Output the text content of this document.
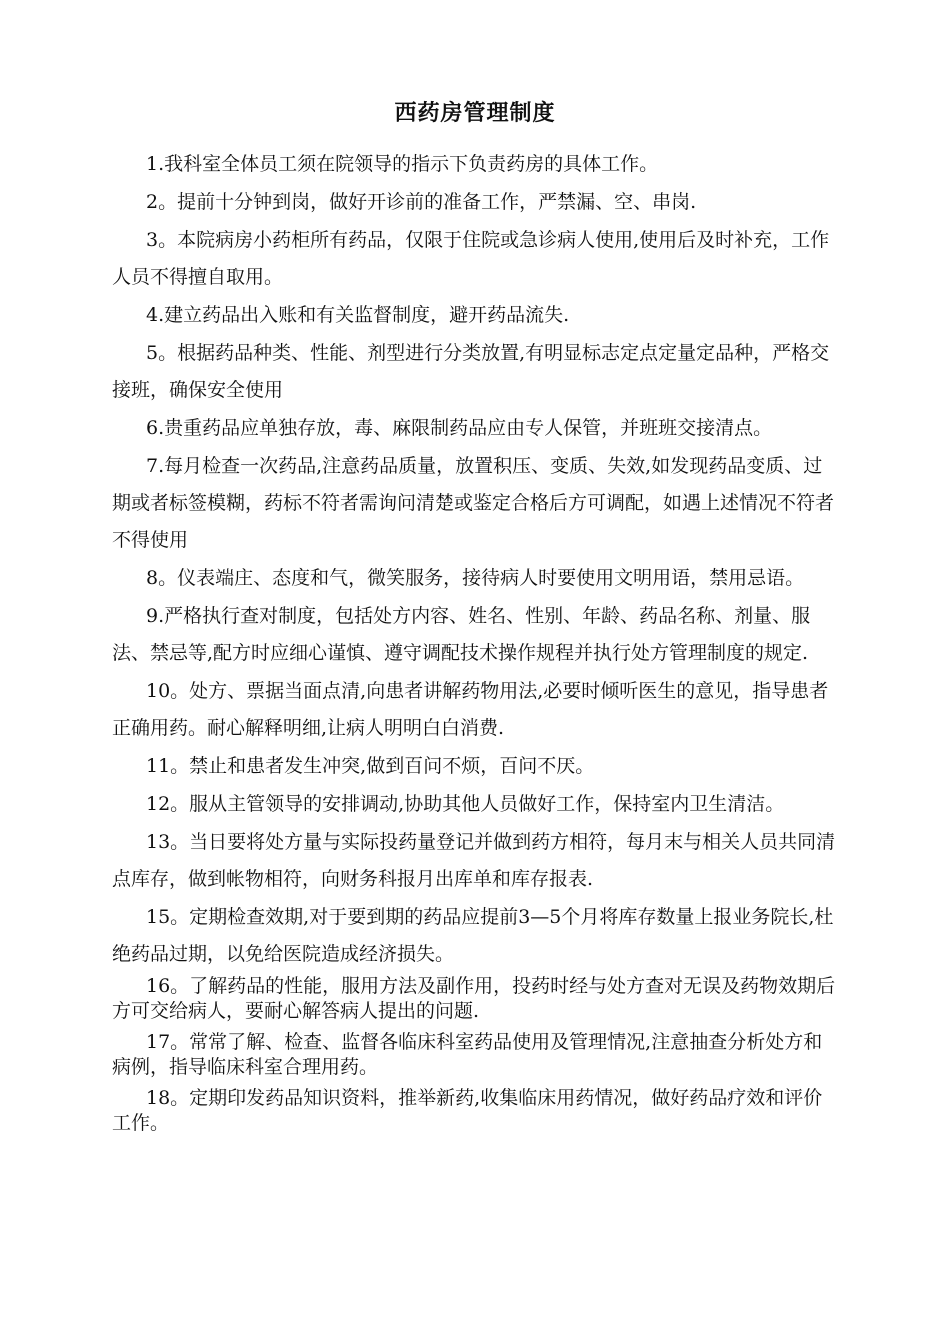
西药房管理制度

1.我科室全体员工须在院领导的指示下负责药房的具体工作。

2。提前十分钟到岗，做好开诊前的准备工作，严禁漏、空、串岗.

3。本院病房小药柜所有药品，仅限于住院或急诊病人使用,使用后及时补充，工作人员不得擅自取用。

4.建立药品出入账和有关监督制度，避开药品流失.

5。根据药品种类、性能、剂型进行分类放置,有明显标志定点定量定品种，严格交接班，确保安全使用

6.贵重药品应单独存放，毒、麻限制药品应由专人保管，并班班交接清点。

7.每月检查一次药品,注意药品质量，放置积压、变质、失效,如发现药品变质、过期或者标签模糊，药标不符者需询问清楚或鉴定合格后方可调配，如遇上述情况不符者不得使用

8。仪表端庄、态度和气，微笑服务，接待病人时要使用文明用语，禁用忌语。

9.严格执行查对制度，包括处方内容、姓名、性别、年龄、药品名称、剂量、服法、禁忌等,配方时应细心谨慎、遵守调配技术操作规程并执行处方管理制度的规定.

10。处方、票据当面点清,向患者讲解药物用法,必要时倾听医生的意见，指导患者正确用药。耐心解释明细,让病人明明白白消费.

11。禁止和患者发生冲突,做到百问不烦，百问不厌。

12。服从主管领导的安排调动,协助其他人员做好工作，保持室内卫生清洁。

13。当日要将处方量与实际投药量登记并做到药方相符，每月末与相关人员共同清点库存，做到帐物相符，向财务科报月出库单和库存报表.

15。定期检查效期,对于要到期的药品应提前3—5个月将库存数量上报业务院长,杜绝药品过期，以免给医院造成经济损失。

16。了解药品的性能，服用方法及副作用，投药时经与处方查对无误及药物效期后方可交给病人，要耐心解答病人提出的问题.

17。常常了解、检查、监督各临床科室药品使用及管理情况,注意抽查分析处方和病例，指导临床科室合理用药。

18。定期印发药品知识资料，推举新药,收集临床用药情况，做好药品疗效和评价工作。
